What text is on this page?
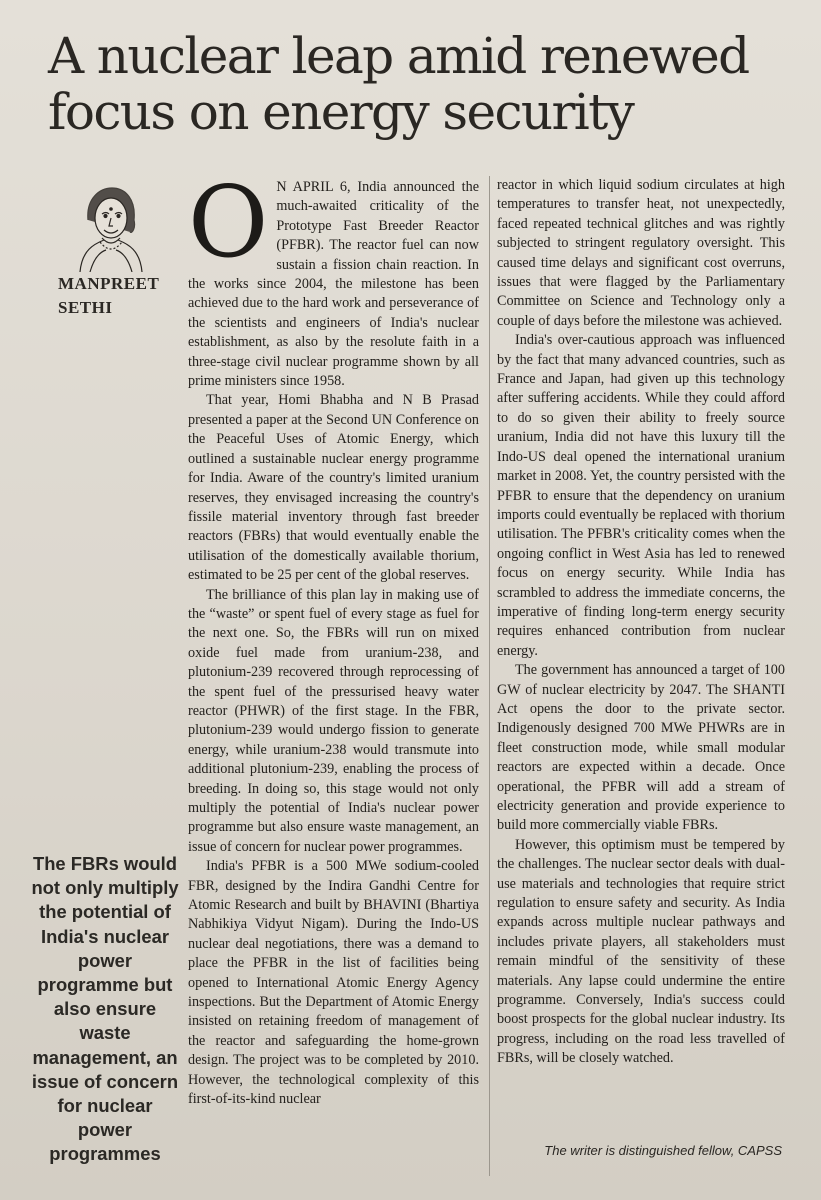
A nuclear leap amid renewed
focus on energy security
MANPREET
SETHI
The FBRs would not only multiply the potential of India's nuclear power programme but also ensure waste management, an issue of concern for nuclear power programmes

O N APRIL 6, India announced the much-awaited criticality of the Prototype Fast Breeder Reactor (PFBR). The reactor fuel can now sustain a fission chain reaction. In the works since 2004, the milestone has been achieved due to the hard work and perseverance of the scientists and engineers of India's nuclear establishment, as also by the resolute faith in a three-stage civil nuclear programme shown by all prime ministers since 1958.

That year, Homi Bhabha and N B Prasad presented a paper at the Second UN Conference on the Peaceful Uses of Atomic Energy, which outlined a sustainable nuclear energy programme for India. Aware of the country's limited uranium reserves, they envisaged increasing the country's fissile material inventory through fast breeder reactors (FBRs) that would eventually enable the utilisation of the domestically available thorium, estimated to be 25 per cent of the global reserves.

The brilliance of this plan lay in making use of the “waste” or spent fuel of every stage as fuel for the next one. So, the FBRs will run on mixed oxide fuel made from uranium-238, and plutonium-239 recovered through reprocessing of the spent fuel of the pressurised heavy water reactor (PHWR) of the first stage. In the FBR, plutonium-239 would undergo fission to generate energy, while uranium-238 would transmute into additional plutonium-239, enabling the process of breeding. In doing so, this stage would not only multiply the potential of India's nuclear power programme but also ensure waste management, an issue of concern for nuclear power programmes.

India's PFBR is a 500 MWe sodium-cooled FBR, designed by the Indira Gandhi Centre for Atomic Research and built by BHAVINI (Bhartiya Nabhikiya Vidyut Nigam). During the Indo-US nuclear deal negotiations, there was a demand to place the PFBR in the list of facilities being opened to International Atomic Energy Agency inspections. But the Department of Atomic Energy insisted on retaining freedom of management of the reactor and safeguarding the home-grown design. The project was to be completed by 2010. However, the technological complexity of this first-of-its-kind nuclear

reactor in which liquid sodium circulates at high temperatures to transfer heat, not unexpectedly, faced repeated technical glitches and was rightly subjected to stringent regulatory oversight. This caused time delays and significant cost overruns, issues that were flagged by the Parliamentary Committee on Science and Technology only a couple of days before the milestone was achieved.

India's over-cautious approach was influenced by the fact that many advanced countries, such as France and Japan, had given up this technology after suffering accidents. While they could afford to do so given their ability to freely source uranium, India did not have this luxury till the Indo-US deal opened the international uranium market in 2008. Yet, the country persisted with the PFBR to ensure that the dependency on uranium imports could eventually be replaced with thorium utilisation. The PFBR's criticality comes when the ongoing conflict in West Asia has led to renewed focus on energy security. While India has scrambled to address the immediate concerns, the imperative of finding long-term energy security requires enhanced contribution from nuclear energy.

The government has announced a target of 100 GW of nuclear electricity by 2047. The SHANTI Act opens the door to the private sector. Indigenously designed 700 MWe PHWRs are in fleet construction mode, while small modular reactors are expected within a decade. Once operational, the PFBR will add a stream of electricity generation and provide experience to build more commercially viable FBRs.

However, this optimism must be tempered by the challenges. The nuclear sector deals with dual-use materials and technologies that require strict regulation to ensure safety and security. As India expands across multiple nuclear pathways and includes private players, all stakeholders must remain mindful of the sensitivity of these materials. Any lapse could undermine the entire programme. Conversely, India's success could boost prospects for the global nuclear industry. Its progress, including on the road less travelled of FBRs, will be closely watched.

The writer is distinguished fellow, CAPSS
